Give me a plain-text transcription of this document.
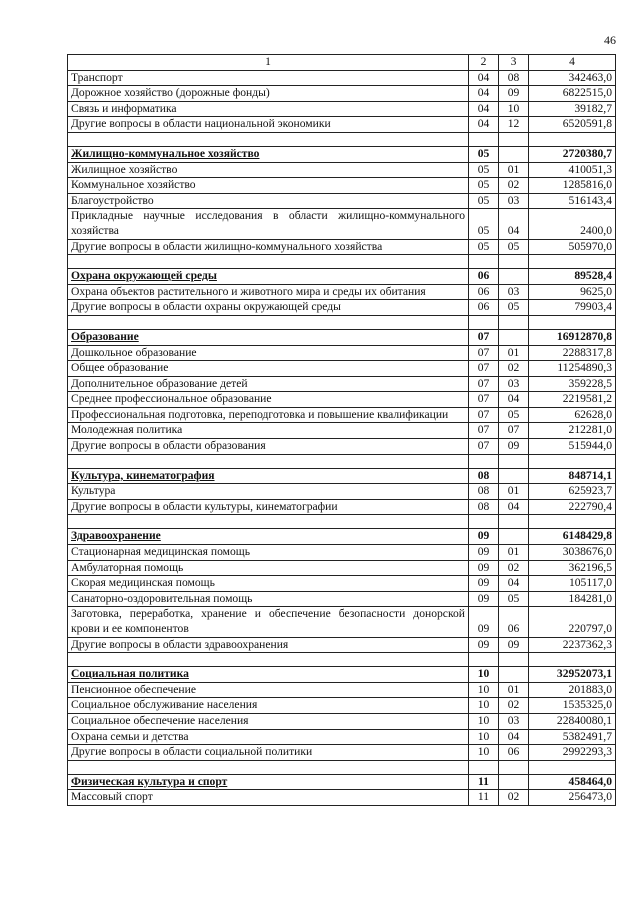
46
1	2	3	4
Транспорт	04	08	342463,0
Дорожное хозяйство (дорожные фонды)	04	09	6822515,0
Связь и информатика	04	10	39182,7
Другие вопросы в области национальной экономики	04	12	6520591,8

Жилищно-коммунальное хозяйство	05		2720380,7
Жилищное хозяйство	05	01	410051,3
Коммунальное хозяйство	05	02	1285816,0
Благоустройство	05	03	516143,4
Прикладные научные исследования в области жилищно-коммунального хозяйства	05	04	2400,0
Другие вопросы в области жилищно-коммунального хозяйства	05	05	505970,0

Охрана окружающей среды	06		89528,4
Охрана объектов растительного и животного мира и среды их обитания	06	03	9625,0
Другие вопросы в области охраны окружающей среды	06	05	79903,4

Образование	07		16912870,8
Дошкольное образование	07	01	2288317,8
Общее образование	07	02	11254890,3
Дополнительное образование детей	07	03	359228,5
Среднее профессиональное образование	07	04	2219581,2
Профессиональная подготовка, переподготовка и повышение квалификации	07	05	62628,0
Молодежная политика	07	07	212281,0
Другие вопросы в области образования	07	09	515944,0

Культура, кинематография	08		848714,1
Культура	08	01	625923,7
Другие вопросы в области культуры, кинематографии	08	04	222790,4

Здравоохранение	09		6148429,8
Стационарная медицинская помощь	09	01	3038676,0
Амбулаторная помощь	09	02	362196,5
Скорая медицинская помощь	09	04	105117,0
Санаторно-оздоровительная помощь	09	05	184281,0
Заготовка, переработка, хранение и обеспечение безопасности донорской крови и ее компонентов	09	06	220797,0
Другие вопросы в области здравоохранения	09	09	2237362,3

Социальная политика	10		32952073,1
Пенсионное обеспечение	10	01	201883,0
Социальное обслуживание населения	10	02	1535325,0
Социальное обеспечение населения	10	03	22840080,1
Охрана семьи и детства	10	04	5382491,7
Другие вопросы в области социальной политики	10	06	2992293,3

Физическая культура и спорт	11		458464,0
Массовый спорт	11	02	256473,0
